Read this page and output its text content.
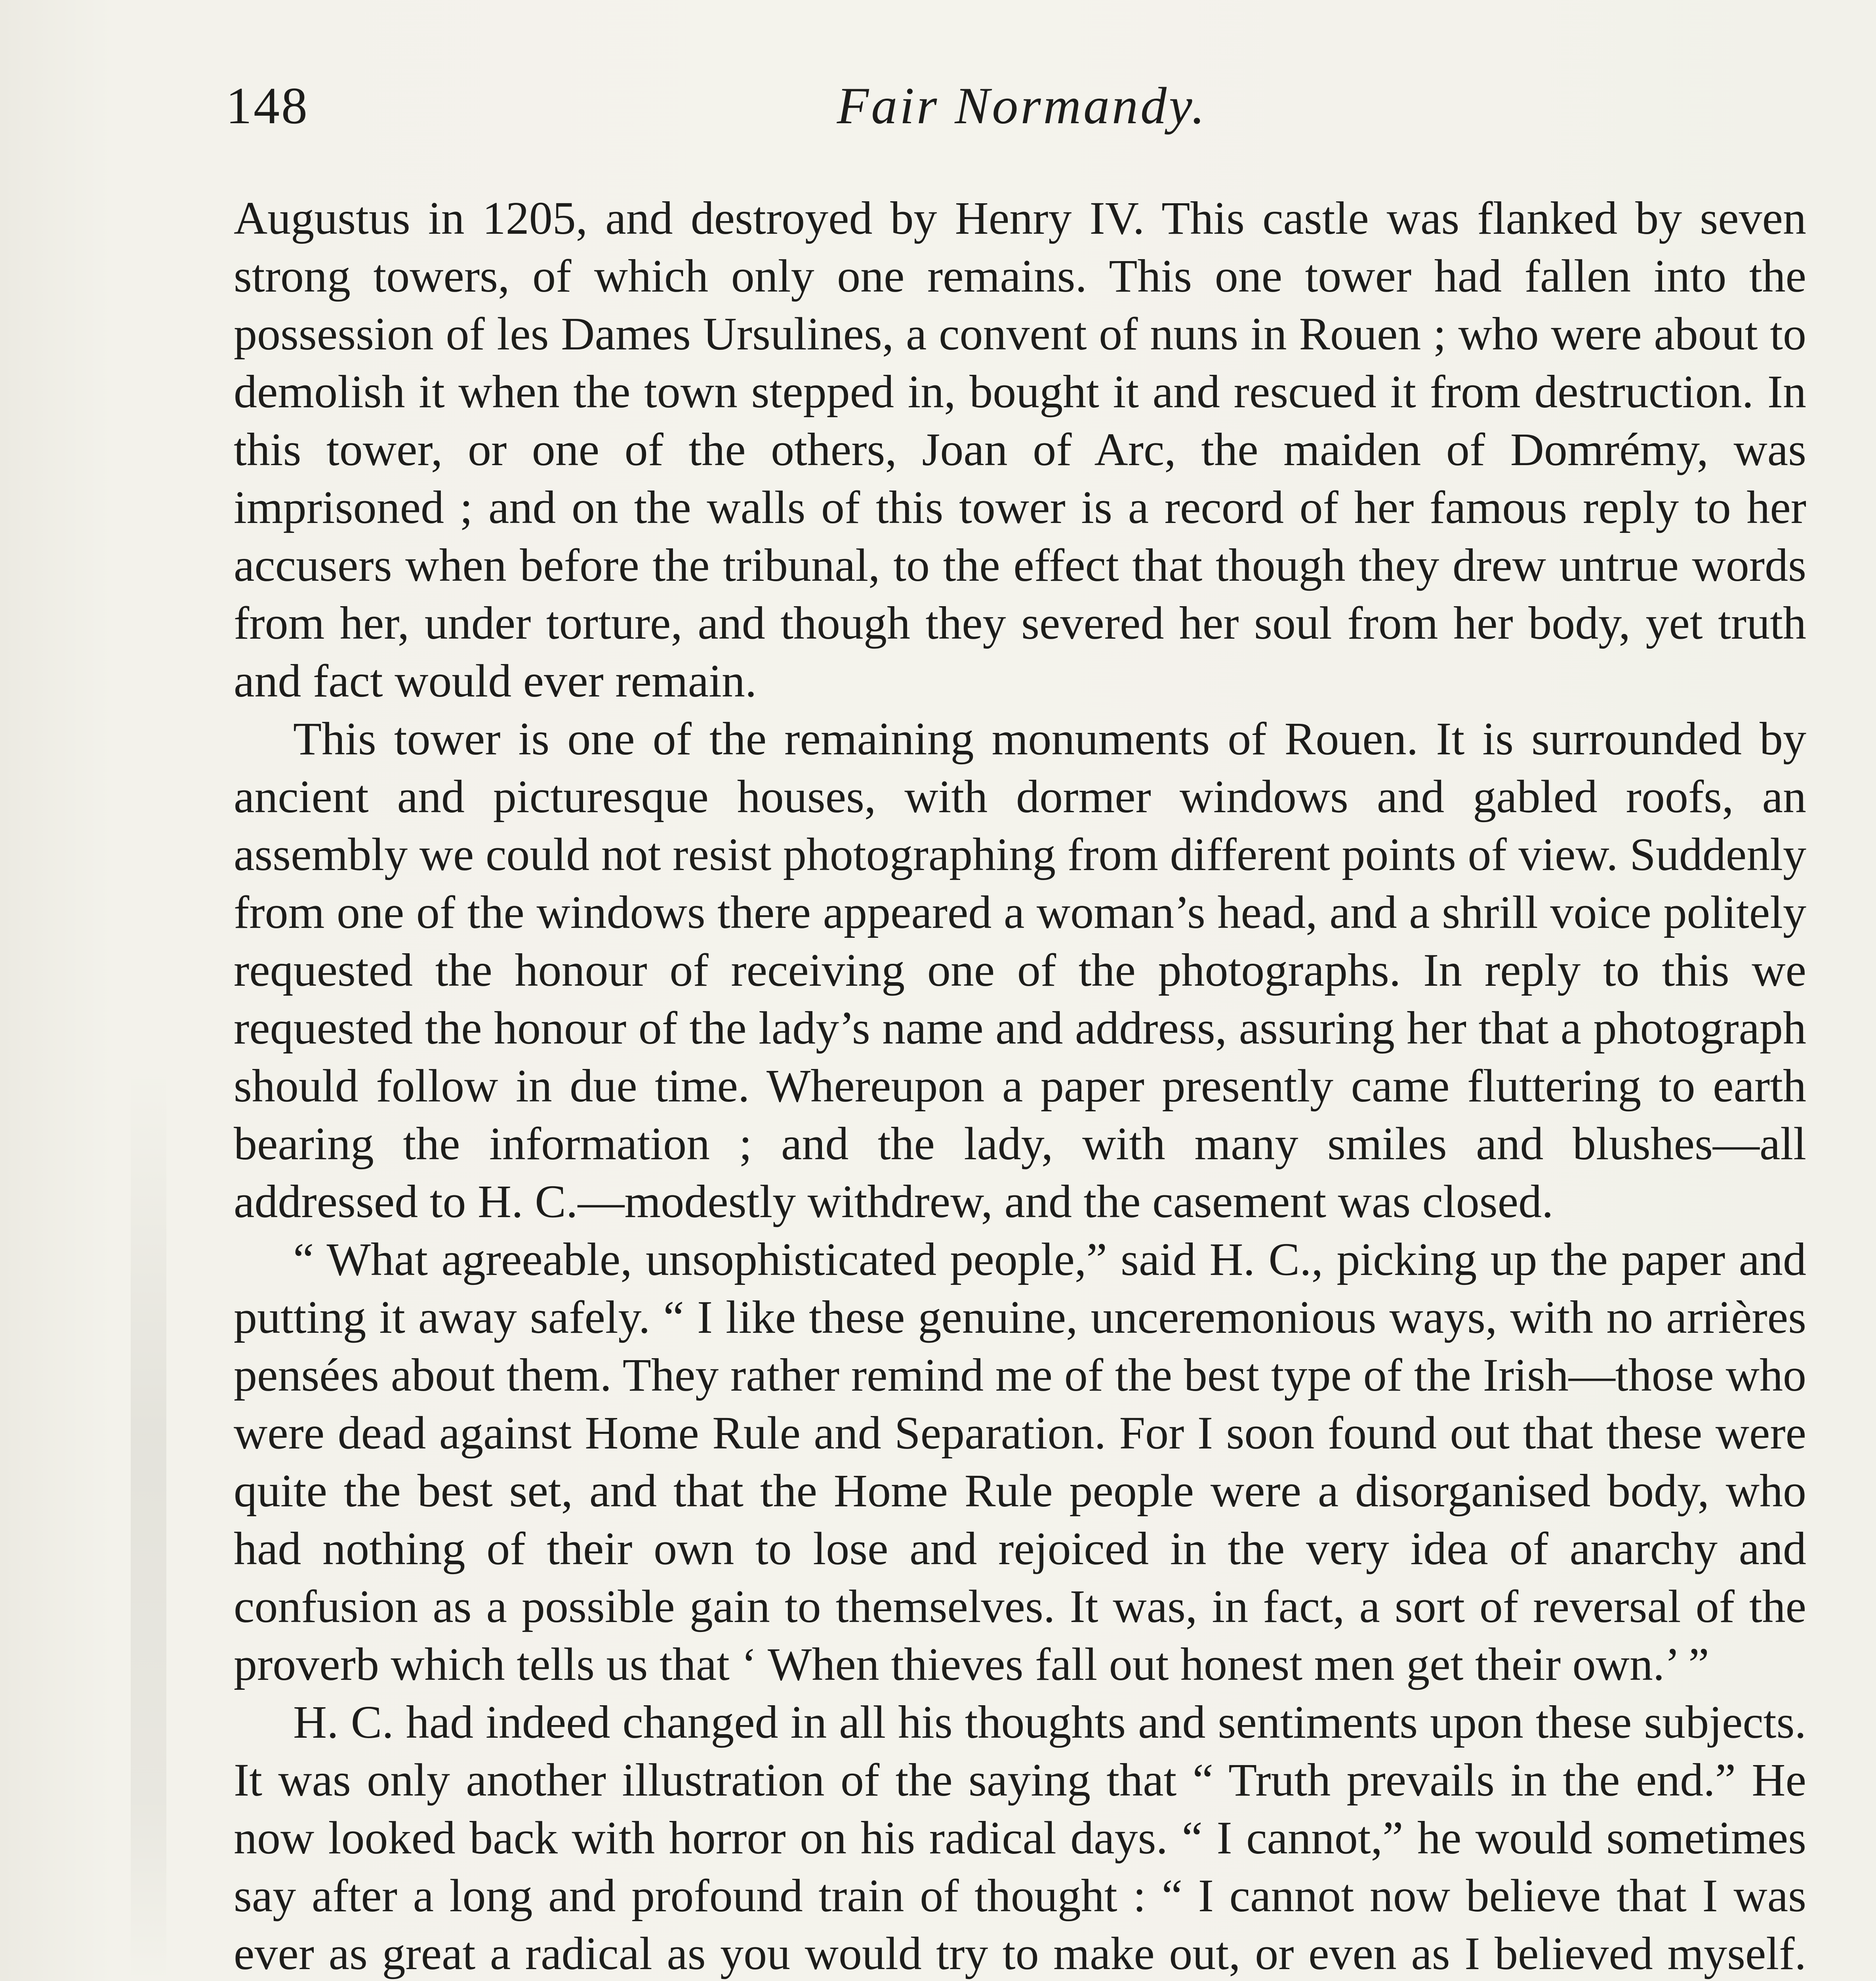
148	Fair Normandy.

Augustus in 1205, and destroyed by Henry IV. This castle was flanked by seven strong towers, of which only one remains. This one tower had fallen into the possession of les Dames Ursulines, a convent of nuns in Rouen ; who were about to demolish it when the town stepped in, bought it and rescued it from destruction. In this tower, or one of the others, Joan of Arc, the maiden of Domrémy, was imprisoned ; and on the walls of this tower is a record of her famous reply to her accusers when before the tribunal, to the effect that though they drew untrue words from her, under torture, and though they severed her soul from her body, yet truth and fact would ever remain.

This tower is one of the remaining monuments of Rouen. It is surrounded by ancient and picturesque houses, with dormer windows and gabled roofs, an assembly we could not resist photographing from different points of view. Suddenly from one of the windows there appeared a woman’s head, and a shrill voice politely requested the honour of receiving one of the photographs. In reply to this we requested the honour of the lady’s name and address, assuring her that a photograph should follow in due time. Whereupon a paper presently came fluttering to earth bearing the information ; and the lady, with many smiles and blushes—all addressed to H. C.—modestly withdrew, and the casement was closed.

“ What agreeable, unsophisticated people,” said H. C., picking up the paper and putting it away safely. “ I like these genuine, unceremonious ways, with no arrières pensées about them. They rather remind me of the best type of the Irish—those who were dead against Home Rule and Separation. For I soon found out that these were quite the best set, and that the Home Rule people were a disorganised body, who had nothing of their own to lose and rejoiced in the very idea of anarchy and confusion as a possible gain to themselves. It was, in fact, a sort of reversal of the proverb which tells us that ‘ When thieves fall out honest men get their own.’ ”

H. C. had indeed changed in all his thoughts and sentiments upon these subjects. It was only another illustration of the saying that “ Truth prevails in the end.” He now looked back with horror on his radical days. “ I cannot,” he would sometimes say after a long and profound train of thought : “ I cannot now believe that I was ever as great a radical as you would try to make out, or even as I believed myself.
